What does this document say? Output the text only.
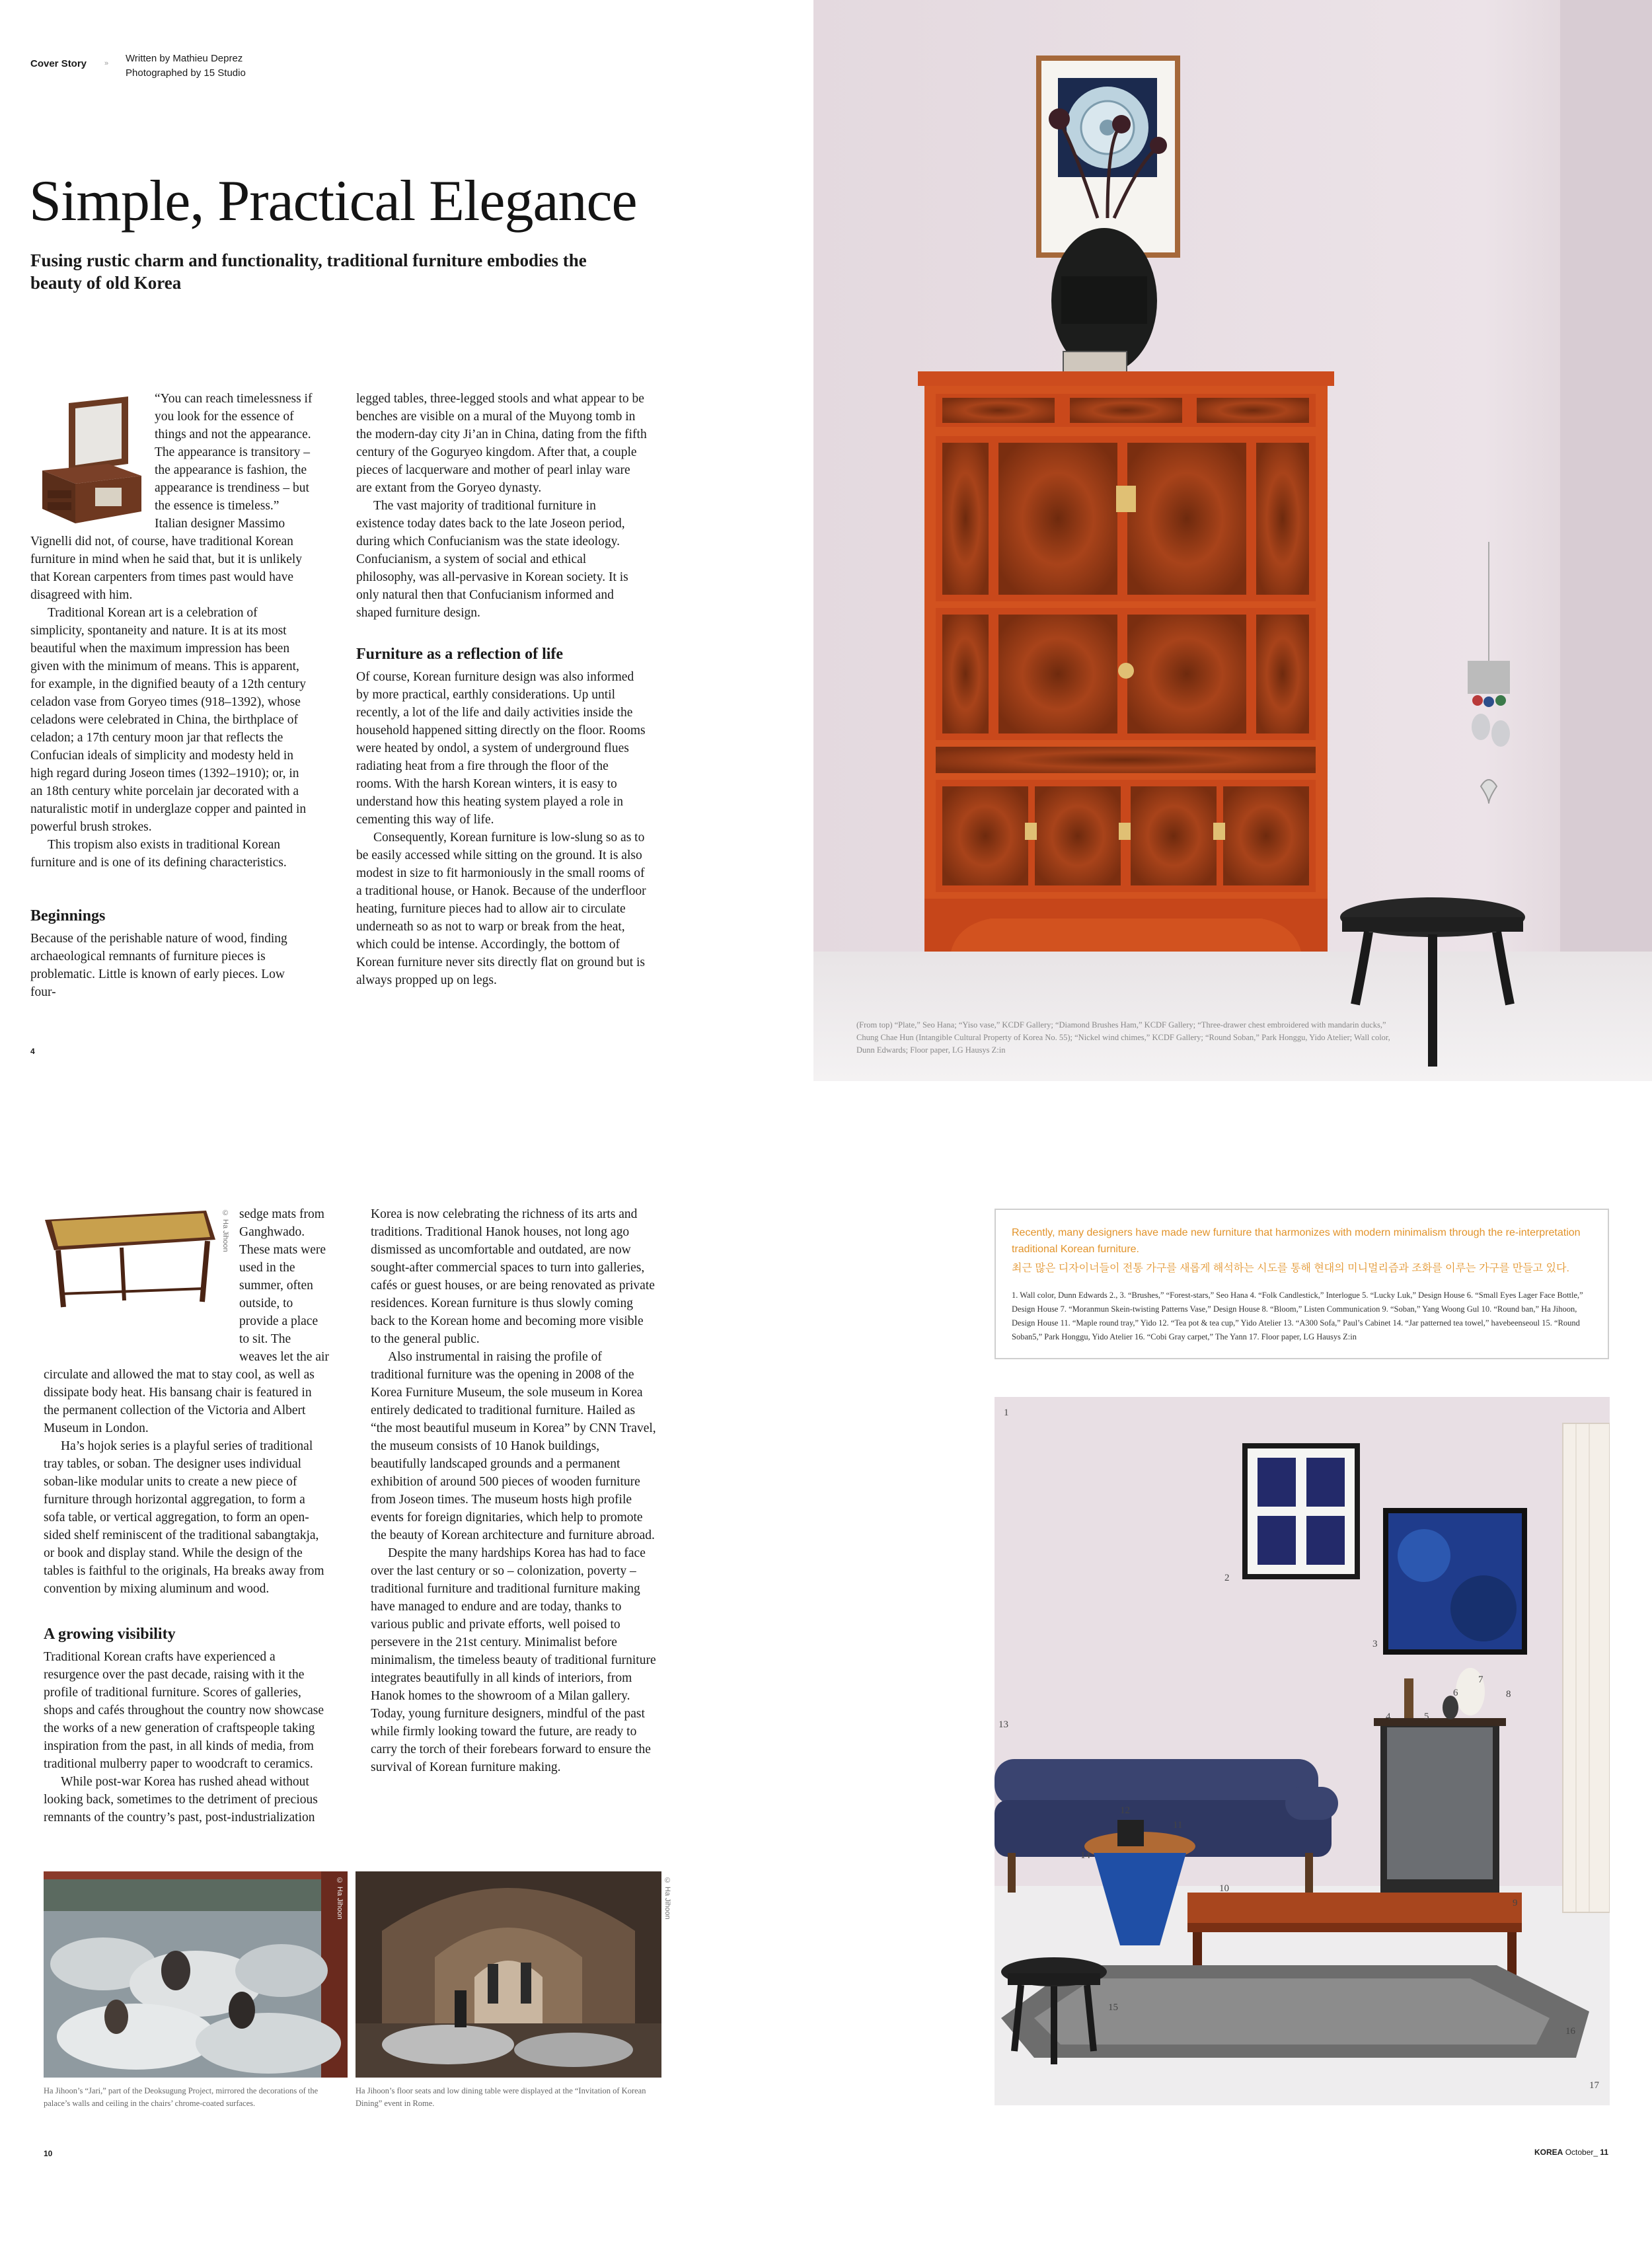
Cover Story » Written by Mathieu Deprez
Photographed by 15 Studio
Simple, Practical Elegance
Fusing rustic charm and functionality, traditional furniture embodies the
beauty of old Korea

“You can reach timelessness if you look for the essence of things and not the appearance. The appearance is transitory – the appearance is fashion, the appearance is trendiness – but the essence is timeless.” Italian designer Massimo Vignelli did not, of course, have traditional Korean furniture in mind when he said that, but it is unlikely that Korean carpenters from times past would have disagreed with him.

Traditional Korean art is a celebration of simplicity, spontaneity and nature. It is at its most beautiful when the maximum impression has been given with the minimum of means. This is apparent, for example, in the dignified beauty of a 12th century celadon vase from Goryeo times (918–1392), whose celadons were celebrated in China, the birthplace of celadon; a 17th century moon jar that reflects the Confucian ideals of simplicity and modesty held in high regard during Joseon times (1392–1910); or, in an 18th century white porcelain jar decorated with a naturalistic motif in underglaze copper and painted in powerful brush strokes.

This tropism also exists in traditional Korean furniture and is one of its defining characteristics.

Beginnings

Because of the perishable nature of wood, finding archaeological remnants of furniture pieces is problematic. Little is known of early pieces. Low four-

legged tables, three-legged stools and what appear to be benches are visible on a mural of the Muyong tomb in the modern-day city Ji’an in China, dating from the fifth century of the Goguryeo kingdom. After that, a couple pieces of lacquerware and mother of pearl inlay ware are extant from the Goryeo dynasty.

The vast majority of traditional furniture in existence today dates back to the late Joseon period, during which Confucianism was the state ideology. Confucianism, a system of social and ethical philosophy, was all-pervasive in Korean society. It is only natural then that Confucianism informed and shaped furniture design.

Furniture as a reflection of life

Of course, Korean furniture design was also informed by more practical, earthly considerations. Up until recently, a lot of the life and daily activities inside the household happened sitting directly on the floor. Rooms were heated by ondol, a system of underground flues radiating heat from a fire through the floor of the rooms. With the harsh Korean winters, it is easy to understand how this heating system played a role in cementing this way of life.

Consequently, Korean furniture is low-slung so as to be easily accessed while sitting on the ground. It is also modest in size to fit harmoniously in the small rooms of a traditional house, or Hanok. Because of the underfloor heating, furniture pieces had to allow air to circulate underneath so as not to warp or break from the heat, which could be intense. Accordingly, the bottom of Korean furniture never sits directly flat on ground but is always propped up on legs.

4
(From top) “Plate,” Seo Hana; “Yiso vase,” KCDF Gallery; “Diamond Brushes Ham,” KCDF Gallery; “Three-drawer chest embroidered with mandarin ducks,” Chung Chae Hun (Intangible Cultural Property of Korea No. 55); “Nickel wind chimes,” KCDF Gallery; “Round Soban,” Park Honggu, Yido Atelier; Wall color, Dunn Edwards; Floor paper, LG Hausys Z:in
© Ha Jihoon sedge mats from Ganghwado. These mats were used in the summer, often outside, to provide a place to sit. The weaves let the air circulate and allowed the mat to stay cool, as well as dissipate body heat. His bansang chair is featured in the permanent collection of the Victoria and Albert Museum in London.

Ha’s hojok series is a playful series of traditional tray tables, or soban. The designer uses individual soban-like modular units to create a new piece of furniture through horizontal aggregation, to form a sofa table, or vertical aggregation, to form an open-sided shelf reminiscent of the traditional sabangtakja, or book and display stand. While the design of the tables is faithful to the originals, Ha breaks away from convention by mixing aluminum and wood.

A growing visibility

Traditional Korean crafts have experienced a resurgence over the past decade, raising with it the profile of traditional furniture. Scores of galleries, shops and cafés throughout the country now showcase the works of a new generation of craftspeople taking inspiration from the past, in all kinds of media, from traditional mulberry paper to woodcraft to ceramics.

While post-war Korea has rushed ahead without looking back, sometimes to the detriment of precious remnants of the country’s past, post-industrialization

Korea is now celebrating the richness of its arts and traditions. Traditional Hanok houses, not long ago dismissed as uncomfortable and outdated, are now sought-after commercial spaces to turn into galleries, cafés or guest houses, or are being renovated as private residences. Korean furniture is thus slowly coming back to the Korean home and becoming more visible to the general public.

Also instrumental in raising the profile of traditional furniture was the opening in 2008 of the Korea Furniture Museum, the sole museum in Korea entirely dedicated to traditional furniture. Hailed as “the most beautiful museum in Korea” by CNN Travel, the museum consists of 10 Hanok buildings, beautifully landscaped grounds and a permanent exhibition of around 500 pieces of wooden furniture from Joseon times. The museum hosts high profile events for foreign dignitaries, which help to promote the beauty of Korean architecture and furniture abroad.

Despite the many hardships Korea has had to face over the last century or so – colonization, poverty – traditional furniture and traditional furniture making have managed to endure and are today, thanks to various public and private efforts, well poised to persevere in the 21st century. Minimalist before minimalism, the timeless beauty of traditional furniture integrates beautifully in all kinds of interiors, from Hanok homes to the showroom of a Milan gallery. Today, young furniture designers, mindful of the past while firmly looking toward the future, are ready to carry the torch of their forebears forward to ensure the survival of Korean furniture making.

© Ha Jihoon	© Ha Jihoon
Ha Jihoon’s “Jari,” part of the Deoksugung Project, mirrored the decorations of the palace’s walls and ceiling in the chairs’ chrome-coated surfaces.
Ha Jihoon’s floor seats and low dining table were displayed at the “Invitation of Korean Dining” event in Rome.
10
Recently, many designers have made new furniture that harmonizes with modern minimalism through the re-interpretation traditional Korean furniture.
최근 많은 디자이너들이 전통 가구를 새롭게 해석하는 시도를 통해 현대의 미니멀리즘과 조화를 이루는 가구를 만들고 있다.
1. Wall color, Dunn Edwards 2., 3. “Brushes,” “Forest-stars,” Seo Hana 4. “Folk Candlestick,” Interlogue 5. “Lucky Luk,” Design House 6. “Small Eyes Lager Face Bottle,” Design House 7. “Moranmun Skein-twisting Patterns Vase,” Design House 8. “Bloom,” Listen Communication 9. “Soban,” Yang Woong Gul 10. “Round ban,” Ha Jihoon, Design House 11. “Maple round tray,” Yido 12. “Tea pot & tea cup,” Yido Atelier 13. “A300 Sofa,” Paul’s Cabinet 14. “Jar patterned tea towel,” havebeenseoul 15. “Round Soban5,” Park Honggu, Yido Atelier 16. “Cobi Gray carpet,” The Yann 17. Floor paper, LG Hausys Z:in
1
2
3
4	5
6
7
8
9
10
11
12
13
14
15
16
17
KOREA October_ 11
